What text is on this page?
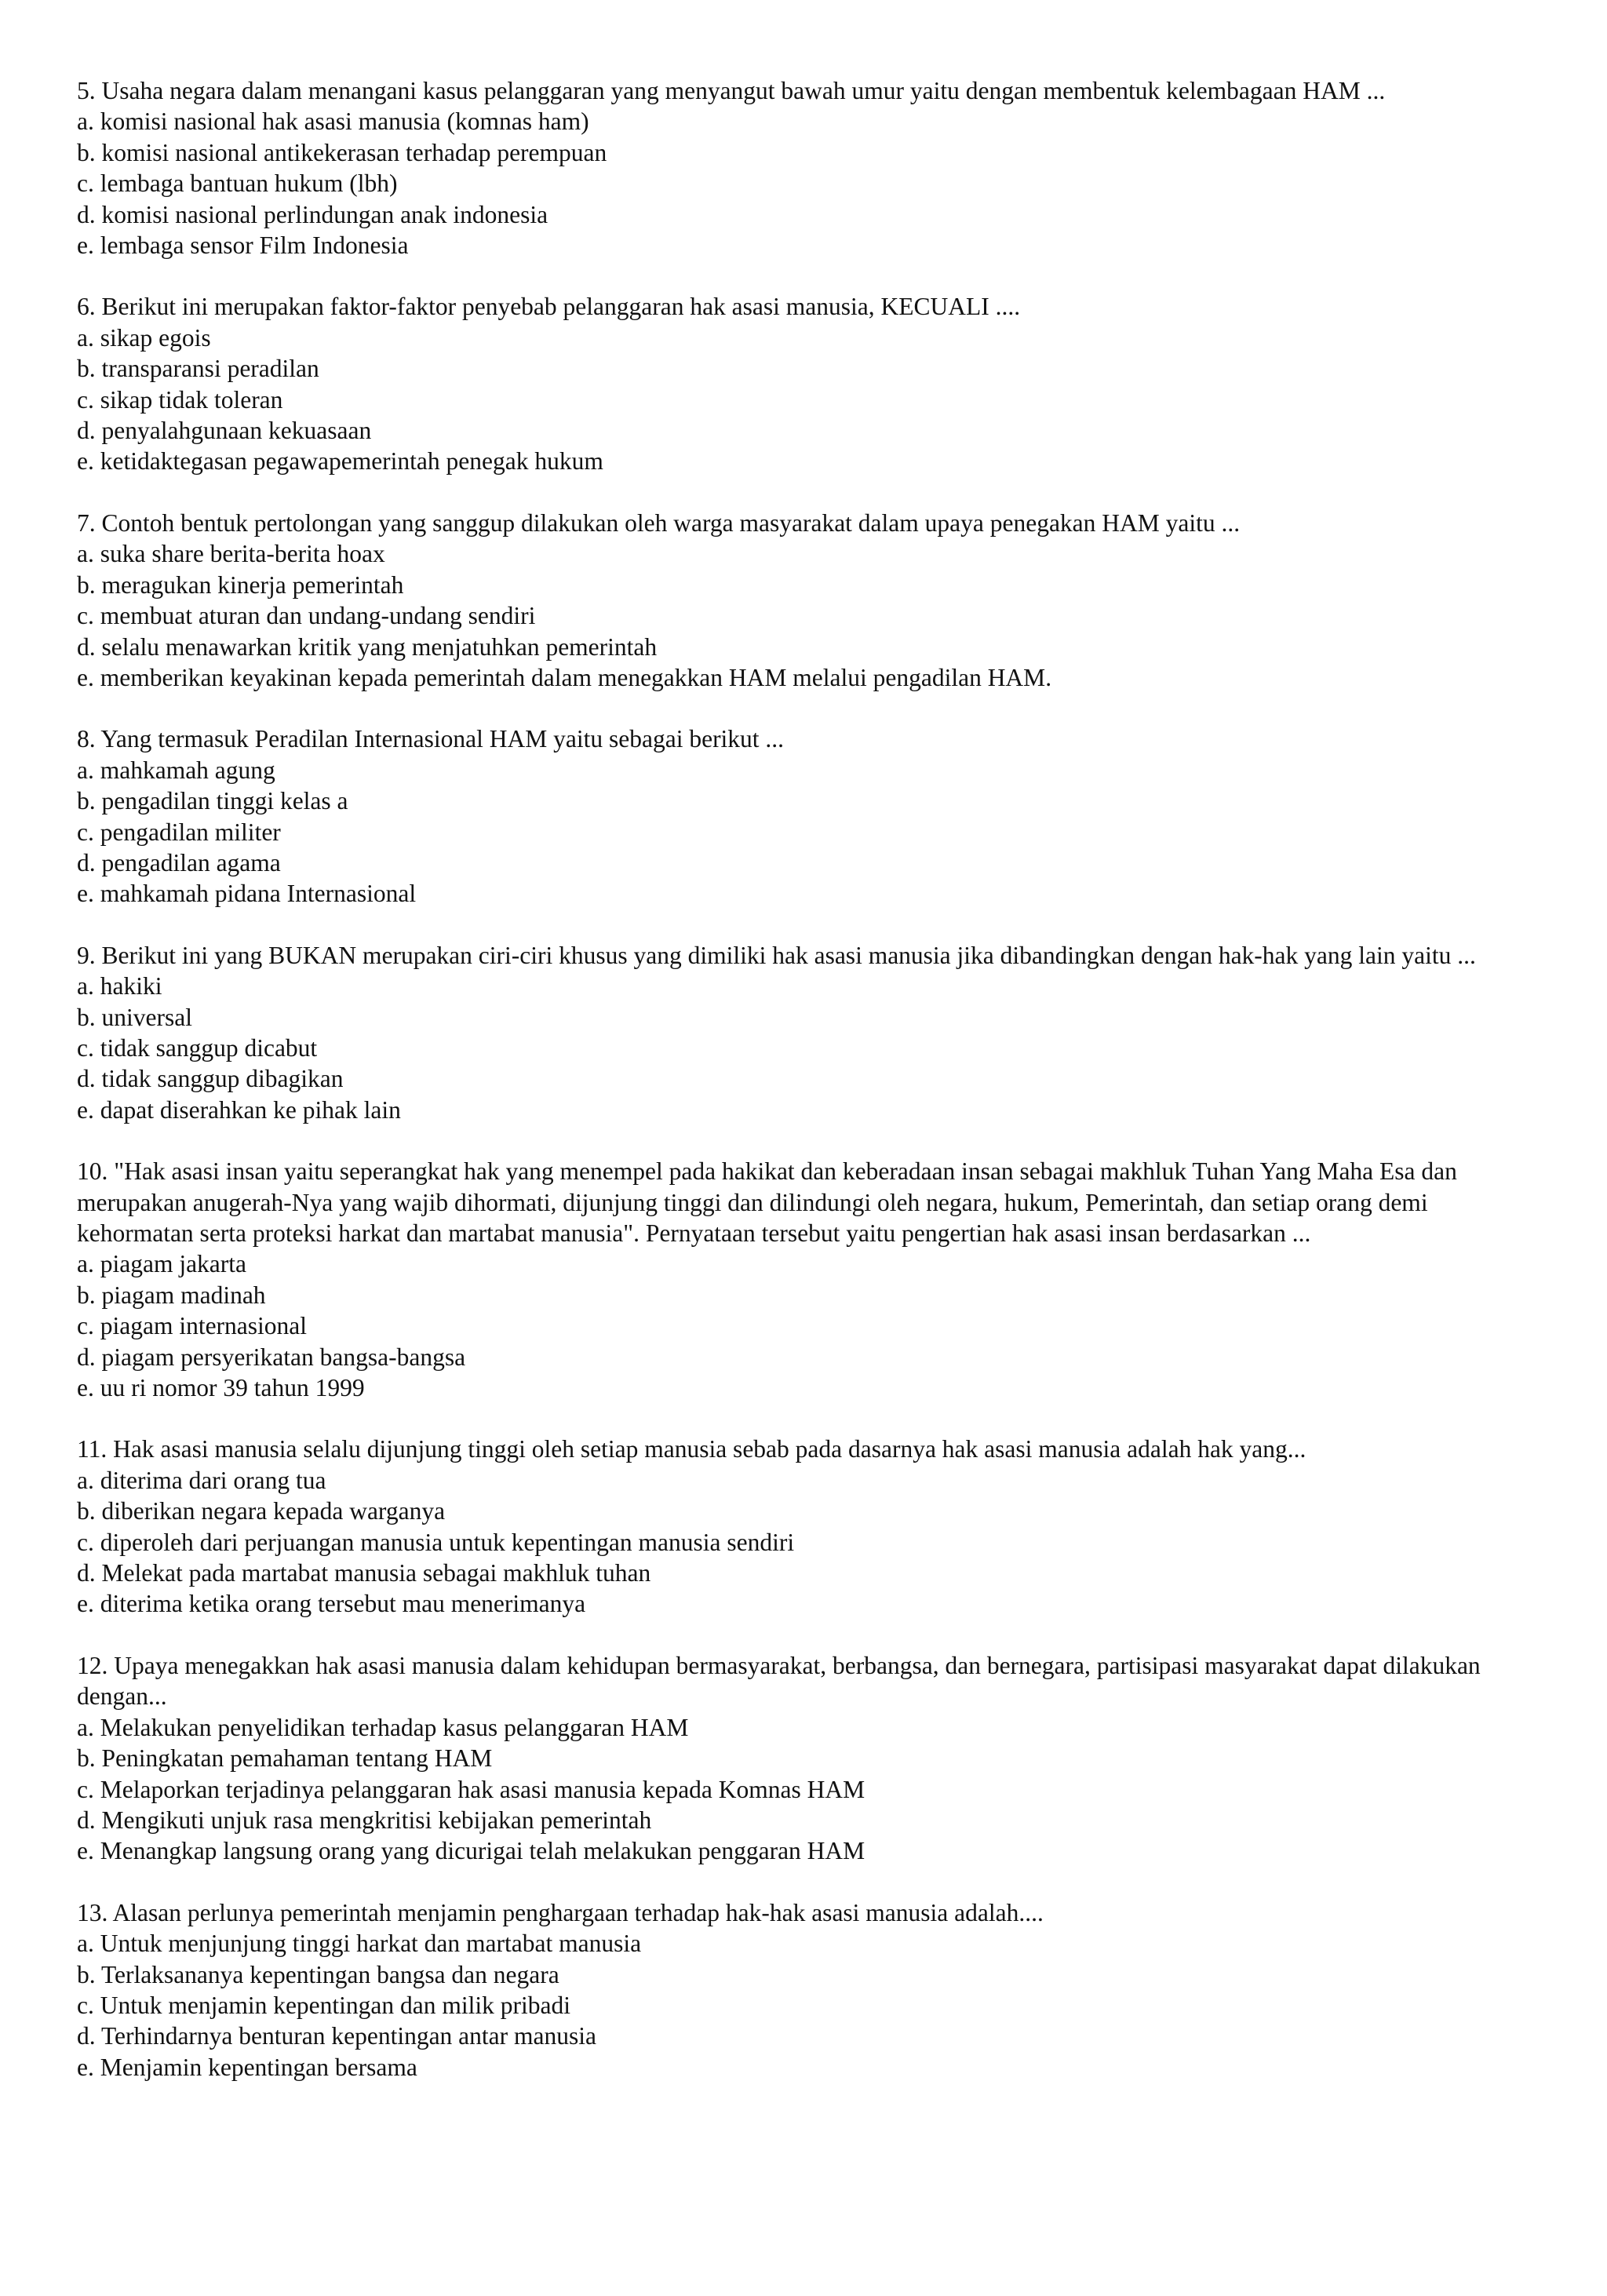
5. Usaha negara dalam menangani kasus pelanggaran yang menyangut bawah umur yaitu dengan membentuk kelembagaan HAM ...

a. komisi nasional hak asasi manusia (komnas ham)
b. komisi nasional antikekerasan terhadap perempuan
c. lembaga bantuan hukum (lbh)
d. komisi nasional perlindungan anak indonesia
e. lembaga sensor Film Indonesia

6. Berikut ini merupakan faktor-faktor penyebab pelanggaran hak asasi manusia, KECUALI ....

a. sikap egois
b. transparansi peradilan
c. sikap tidak toleran
d. penyalahgunaan kekuasaan
e. ketidaktegasan pegawapemerintah penegak hukum

7. Contoh bentuk pertolongan yang sanggup dilakukan oleh warga masyarakat dalam upaya penegakan HAM yaitu ...

a. suka share berita-berita hoax
b. meragukan kinerja pemerintah
c. membuat aturan dan undang-undang sendiri
d. selalu menawarkan kritik yang menjatuhkan pemerintah
e. memberikan keyakinan kepada pemerintah dalam menegakkan HAM melalui pengadilan HAM.

8. Yang termasuk Peradilan Internasional HAM yaitu sebagai berikut ...

a. mahkamah agung
b. pengadilan tinggi kelas a
c. pengadilan militer
d. pengadilan agama
e. mahkamah pidana Internasional

9. Berikut ini yang BUKAN merupakan ciri-ciri khusus yang dimiliki hak asasi manusia jika dibandingkan dengan hak-hak yang lain yaitu ...

a. hakiki
b. universal
c. tidak sanggup dicabut
d. tidak sanggup dibagikan
e. dapat diserahkan ke pihak lain

10. "Hak asasi insan yaitu seperangkat hak yang menempel pada hakikat dan keberadaan insan sebagai makhluk Tuhan Yang Maha Esa dan merupakan anugerah-Nya yang wajib dihormati, dijunjung tinggi dan dilindungi oleh negara, hukum, Pemerintah, dan setiap orang demi kehormatan serta proteksi harkat dan martabat manusia". Pernyataan tersebut yaitu pengertian hak asasi insan berdasarkan ...

a. piagam jakarta
b. piagam madinah
c. piagam internasional
d. piagam persyerikatan bangsa-bangsa
e. uu ri nomor 39 tahun 1999

11. Hak asasi manusia selalu dijunjung tinggi oleh setiap manusia sebab pada dasarnya hak asasi manusia adalah hak yang...

a. diterima dari orang tua
b. diberikan negara kepada warganya
c. diperoleh dari perjuangan manusia untuk kepentingan manusia sendiri
d. Melekat pada martabat manusia sebagai makhluk tuhan
e. diterima ketika orang tersebut mau menerimanya

12. Upaya menegakkan hak asasi manusia dalam kehidupan bermasyarakat, berbangsa, dan bernegara, partisipasi masyarakat dapat dilakukan dengan...

a. Melakukan penyelidikan terhadap kasus pelanggaran HAM
b. Peningkatan pemahaman tentang HAM
c. Melaporkan terjadinya pelanggaran hak asasi manusia kepada Komnas HAM
d. Mengikuti unjuk rasa mengkritisi kebijakan pemerintah
e. Menangkap langsung orang yang dicurigai telah melakukan penggaran HAM

13. Alasan perlunya pemerintah menjamin penghargaan terhadap hak-hak asasi manusia adalah....

a. Untuk menjunjung tinggi harkat dan martabat manusia
b. Terlaksananya kepentingan bangsa dan negara
c. Untuk menjamin kepentingan dan milik pribadi
d. Terhindarnya benturan kepentingan antar manusia
e. Menjamin kepentingan bersama
